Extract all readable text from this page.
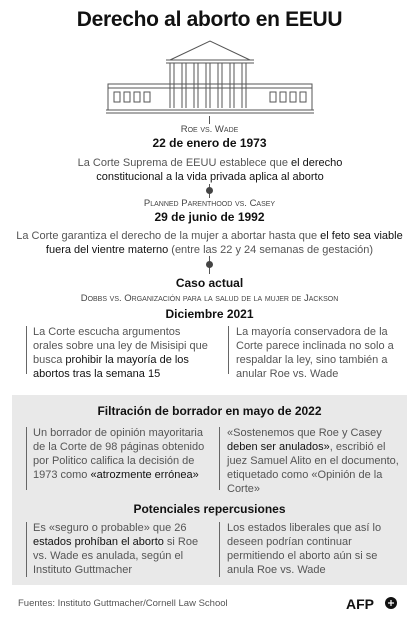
Derecho al aborto en EEUU
Roe vs. Wade
22 de enero de 1973
La Corte Suprema de EEUU establece que el derecho constitucional a la vida privada aplica al aborto
Planned Parenthood vs. Casey
29 de junio de 1992
La Corte garantiza el derecho de la mujer a abortar hasta que el feto sea viable fuera del vientre materno (entre las 22 y 24 semanas de gestación)
Caso actual
Dobbs vs. Organización para la salud de la mujer de Jackson
Diciembre 2021
La Corte escucha argumentos orales sobre una ley de Misisipi que busca prohibir la mayoría de los abortos tras la semana 15
La mayoría conservadora de la Corte parece inclinada no solo a respaldar la ley, sino también a anular Roe vs. Wade
Filtración de borrador en mayo de 2022
Un borrador de opinión mayoritaria de la Corte de 98 páginas obtenido por Politico califica la decisión de 1973 como «atrozmente errónea»
«Sostenemos que Roe y Casey deben ser anulados», escribió el juez Samuel Alito en el documento, etiquetado como «Opinión de la Corte»
Potenciales repercusiones
Es «seguro o probable» que 26 estados prohíban el aborto si Roe vs. Wade es anulada, según el Instituto Guttmacher
Los estados liberales que así lo deseen podrían continuar permitiendo el aborto aún si se anula Roe vs. Wade
Fuentes: Instituto Guttmacher/Cornell Law School	AFP
